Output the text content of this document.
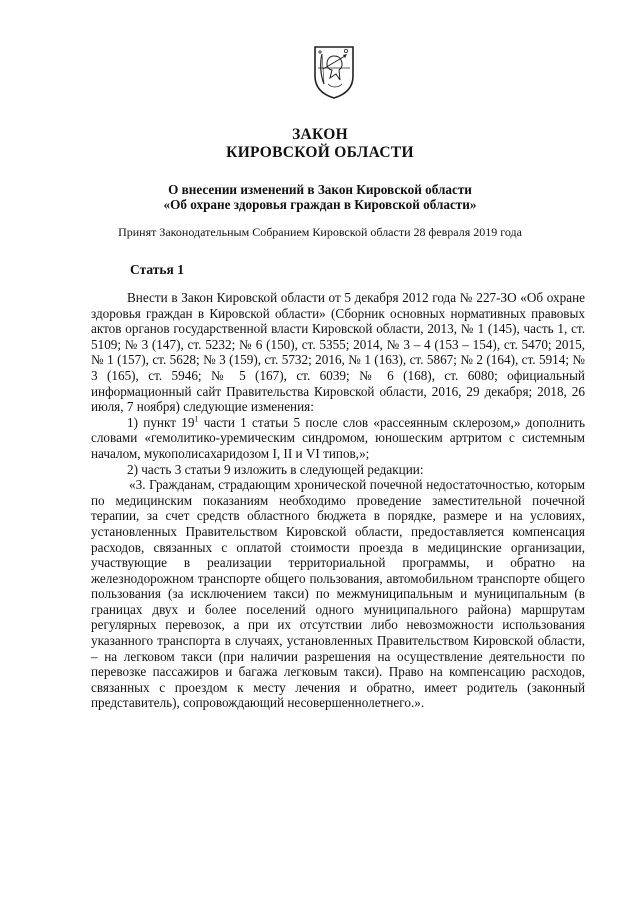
ЗАКОН
КИРОВСКОЙ ОБЛАСТИ
О внесении изменений в Закон Кировской области
«Об охране здоровья граждан в Кировской области»
Принят Законодательным Собранием Кировской области 28 февраля 2019 года
Статья 1

Внести в Закон Кировской области от 5 декабря 2012 года № 227-ЗО «Об охране здоровья граждан в Кировской области» (Сборник основных нормативных правовых актов органов государственной власти Кировской области, 2013, № 1 (145), часть 1, ст. 5109; № 3 (147), ст. 5232; № 6 (150), ст. 5355; 2014, № 3 – 4 (153 – 154), ст. 5470; 2015, № 1 (157), ст. 5628; № 3 (159), ст. 5732; 2016, № 1 (163), ст. 5867; № 2 (164), ст. 5914; № 3 (165), ст. 5946; № 5 (167), ст. 6039; № 6 (168), ст. 6080; официальный информационный сайт Правительства Кировской области, 2016, 29 декабря; 2018, 26 июля, 7 ноября) следующие изменения:

1) пункт $19^1$ части 1 статьи 5 после слов «рассеянным склерозом,» дополнить словами «гемолитико-уремическим синдромом, юношеским артритом с системным началом, мукополисахаридозом I, II и VI типов,»;

2) часть 3 статьи 9 изложить в следующей редакции:

«3. Гражданам, страдающим хронической почечной недостаточностью, которым по медицинским показаниям необходимо проведение заместительной почечной терапии, за счет средств областного бюджета в порядке, размере и на условиях, установленных Правительством Кировской области, предоставляется компенсация расходов, связанных с оплатой стоимости проезда в медицинские организации, участвующие в реализации территориальной программы, и обратно на железнодорожном транспорте общего пользования, автомобильном транспорте общего пользования (за исключением такси) по межмуниципальным и муниципальным (в границах двух и более поселений одного муниципального района) маршрутам регулярных перевозок, а при их отсутствии либо невозможности использования указанного транспорта в случаях, установленных Правительством Кировской области, – на легковом такси (при наличии разрешения на осуществление деятельности по перевозке пассажиров и багажа легковым такси). Право на компенсацию расходов, связанных с проездом к месту лечения и обратно, имеет родитель (законный представитель), сопровождающий несовершеннолетнего.».
